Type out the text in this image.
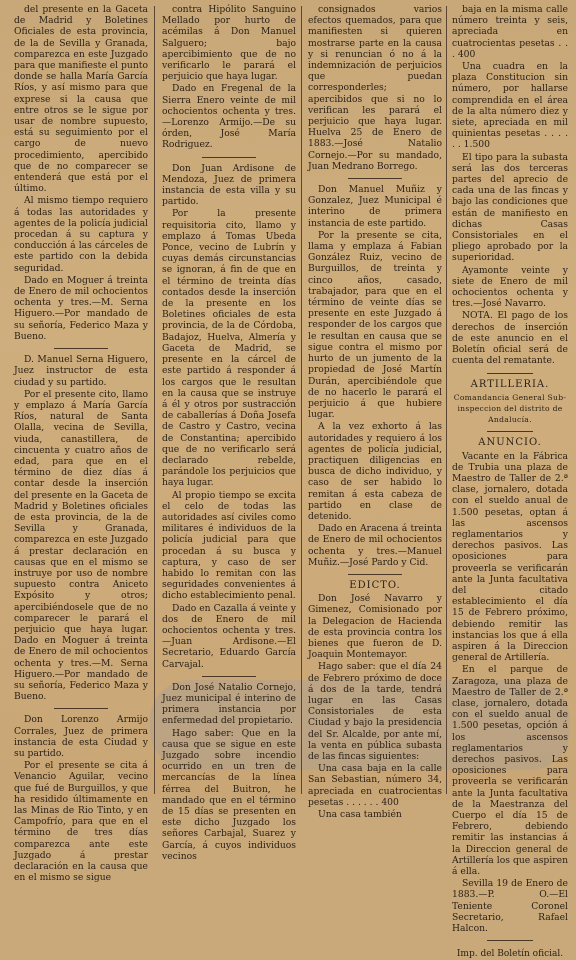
del presente en la Gaceta de Madrid y Boletines Oficiales de esta provincia, de la de Sevilla y Granada, comparezca en este Juzgado para que manifieste el punto donde se halla María García Ríos, y así mismo para que exprese si la causa que entre otros se le sigue por usar de nombre supuesto, está su seguimiento por el cargo de nuevo procedimiento, apercibido que de no comparecer se entenderá que está por el último.

Al mismo tiempo requiero á todas las autoridades y agentes de la policía judicial procedan á su captura y conducción á las cárceles de este partido con la debida seguridad.

Dado en Moguer á treinta de Enero de mil ochocientos ochenta y tres.—M. Serna Higuero.—Por mandado de su señoría, Federico Maza y Bueno.

D. Manuel Serna Higuero, Juez instructor de esta ciudad y su partido.

Por el presente cito, llamo y emplazo á María García Ríos, natural de Santa Olalla, vecina de Sevilla, viuda, canastillera, de cincuenta y cuatro años de edad, para que en el término de diez días á contar desde la inserción del presente en la Gaceta de Madrid y Boletines oficiales de esta provincia, de la de Sevilla y Granada, comparezca en este Juzgado á prestar declaración en causas que en el mismo se instruye por uso de nombre supuesto contra Aniceto Expósito y otros; apercibiéndosele que de no comparecer le parará el perjuicio que haya lugar. Dado en Moguer á treinta de Enero de mil ochocientos ochenta y tres.—M. Serna Higuero.—Por mandado de su señoría, Federico Maza y Bueno.

Don Lorenzo Armijo Corrales, Juez de primera instancia de esta Ciudad y su partido.

Por el presente se cita á Venancio Aguilar, vecino que fué de Burguillos, y que ha residido últimamente en las Minas de Rio Tinto, y en Campofrío, para que en el término de tres días comparezca ante este Juzgado á prestar declaración en la causa que en el mismo se sigue

contra Hipólito Sanguino Mellado por hurto de acémilas á Don Manuel Salguero; bajo apercibimiento que de no verificarlo le parará el perjuicio que haya lugar.

Dado en Fregenal de la Sierra Enero veinte de mil ochocientos ochenta y tres.—Lorenzo Armijo.—De su órden, José María Rodriguez.

Don Juan Ardisone de Mendoza, Juez de primera instancia de esta villa y su partido.

Por la presente requisitoria cito, llamo y emplazo á Tomas Ubeda Ponce, vecino de Lubrín y cuyas demás circunstancias se ignoran, á fin de que en el término de treinta días contados desde la inserción de la presente en los Boletines oficiales de esta provincia, de la de Córdoba, Badajoz, Huelva, Almería y Gaceta de Madrid, se presente en la cárcel de este partido á responder á los cargos que le resultan en la causa que se instruye á él y otros por sustracción de caballerías á Doña Josefa de Castro y Castro, vecina de Constantina; apercibido que de no verificarlo será declarado rebelde, parándole los perjuicios que haya lugar.

Al propio tiempo se excita el celo de todas las autoridades así civiles como militares é individuos de la policía judicial para que procedan á su busca y captura, y caso de ser habido lo remitan con las seguridades convenientes á dicho establecimiento penal.

Dado en Cazalla á veinte y dos de Enero de mil ochocientos ochenta y tres.—Juan Ardisone.—El Secretario, Eduardo García Carvajal.

Don José Natalio Cornejo, Juez municipal é interino de primera instancia por enfermedad del propietario.

Hago saber: Que en la causa que se sigue en este Juzgado sobre incendio ocurrido en un tren de mercancías de la línea férrea del Buitron, he mandado que en el término de 15 días se presenten en este dicho Juzgado los señores Carbajal, Suarez y García, á cuyos individuos vecinos

consignados varios efectos quemados, para que manifiesten si quieren mostrarse parte en la causa y si renuncian ó no á la indemnización de perjuicios que puedan corresponderles; apercibidos que si no lo verifican les parará el perjuicio que haya lugar. Huelva 25 de Enero de 1883.—José Natalio Cornejo.—Por su mandado, Juan Medrano Borrego.

Don Manuel Muñiz y Gonzalez, Juez Municipal é interino de primera instancia de este partido.

Por la presente se cita, llama y emplaza á Fabian González Ruiz, vecino de Burguillos, de treinta y cinco años, casado, trabajador, para que en el término de veinte días se presente en este Juzgado á responder de los cargos que le resultan en causa que se sigue contra el mismo por hurto de un jumento de la propiedad de José Martín Durán, apercibiéndole que de no hacerlo le parará el perjuicio á que hubiere lugar.

A la vez exhorto á las autoridades y requiero á los agentes de policía judicial, practiquen diligencias en busca de dicho individuo, y caso de ser habido lo remitan á esta cabeza de partido en clase de detenido.

Dado en Aracena á treinta de Enero de mil ochocientos ochenta y tres.—Manuel Muñiz.—José Pardo y Cid.

EDICTO.

Don José Navarro y Gimenez, Comisionado por la Delegacion de Hacienda de esta provincia contra los bienes que fueron de D. Joaquin Montemayor.

Hago saber: que el día 24 de Febrero próximo de doce á dos de la tarde, tendrá lugar en las Casas Consistoriales de esta Ciudad y bajo la presidencia del Sr. Alcalde, por ante mí, la venta en pública subasta de las fincas siguientes:

Una casa baja en la calle San Sebastian, número 34, apreciada en cuatrocientas pesetas . . . . . . 400

Una casa también

baja en la misma calle número treinta y seis, apreciada en cuatrocientas pesetas . . . 400

Una cuadra en la plaza Constitucion sin número, por hallarse comprendida en el área de la alta número diez y siete, apreciada en mil quinientas pesetas . . . . . . 1.500

El tipo para la subasta será las dos terceras partes del aprecio de cada una de las fincas y bajo las condiciones que están de manifiesto en dichas Casas Consistoriales en el pliego aprobado por la superioridad.

Ayamonte veinte y siete de Enero de mil ochocientos ochenta y tres.—José Navarro.

NOTA. El pago de los derechos de inserción de este anuncio en el Boletín oficial será de cuenta del rematante.

ARTILLERIA.

Comandancia General Sub-inspeccion del distrito de Andalucía.

ANUNCIO.

Vacante en la Fábrica de Trubia una plaza de Maestro de Taller de 2.ª clase, jornalero, dotada con el sueldo anual de 1.500 pesetas, optan á las ascensos reglamentarios y derechos pasivos. Las oposiciones para proveerla se verificarán ante la Junta facultativa del citado establecimiento el día 15 de Febrero próximo, debiendo remitir las instancias los que á ella aspiren á la Direccion general de Artillería.

En el parque de Zaragoza, una plaza de Maestro de Taller de 2.ª clase, jornalero, dotada con el sueldo anual de 1.500 pesetas, opción á los ascensos reglamentarios y derechos pasivos. Las oposiciones para proveerla se verificarán ante la Junta facultativa de la Maestranza del Cuerpo el día 15 de Febrero, debiendo remitir las instancias á la Direccion general de Artillería los que aspiren á ella.

Sevilla 19 de Enero de 1883.—P. O.—El Teniente Coronel Secretario, Rafael Halcon.

Imp. del Boletín oficial.
